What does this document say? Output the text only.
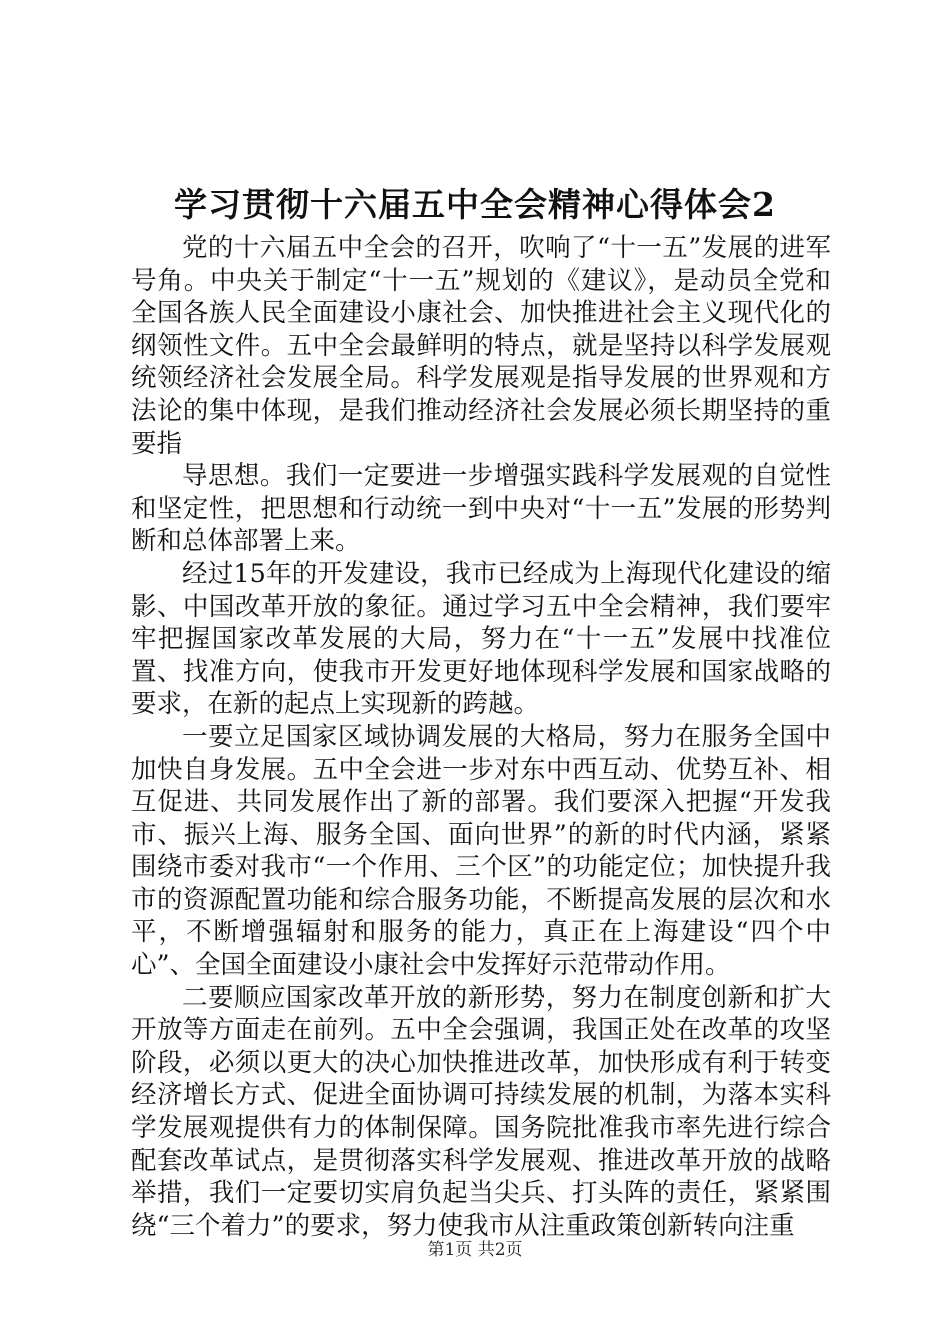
学习贯彻十六届五中全会精神心得体会2

党的十六届五中全会的召开，吹响了“十一五”发展的进军号角。中央关于制定“十一五”规划的《建议》，是动员全党和全国各族人民全面建设小康社会、加快推进社会主义现代化的纲领性文件。五中全会最鲜明的特点，就是坚持以科学发展观统领经济社会发展全局。科学发展观是指导发展的世界观和方法论的集中体现，是我们推动经济社会发展必须长期坚持的重要指

导思想。我们一定要进一步增强实践科学发展观的自觉性和坚定性，把思想和行动统一到中央对“十一五”发展的形势判断和总体部署上来。

经过15年的开发建设，我市已经成为上海现代化建设的缩影、中国改革开放的象征。通过学习五中全会精神，我们要牢牢把握国家改革发展的大局，努力在“十一五”发展中找准位置、找准方向，使我市开发更好地体现科学发展和国家战略的要求，在新的起点上实现新的跨越。

一要立足国家区域协调发展的大格局，努力在服务全国中加快自身发展。五中全会进一步对东中西互动、优势互补、相互促进、共同发展作出了新的部署。我们要深入把握“开发我市、振兴上海、服务全国、面向世界”的新的时代内涵，紧紧围绕市委对我市“一个作用、三个区”的功能定位；加快提升我市的资源配置功能和综合服务功能，不断提高发展的层次和水平，不断增强辐射和服务的能力，真正在上海建设“四个中心”、全国全面建设小康社会中发挥好示范带动作用。

二要顺应国家改革开放的新形势，努力在制度创新和扩大开放等方面走在前列。五中全会强调，我国正处在改革的攻坚阶段，必须以更大的决心加快推进改革，加快形成有利于转变经济增长方式、促进全面协调可持续发展的机制，为落本实科学发展观提供有力的体制保障。国务院批准我市率先进行综合配套改革试点，是贯彻落实科学发展观、推进改革开放的战略举措，我们一定要切实肩负起当尖兵、打头阵的责任，紧紧围绕“三个着力”的要求，努力使我市从注重政策创新转向注重

第1页 共2页
